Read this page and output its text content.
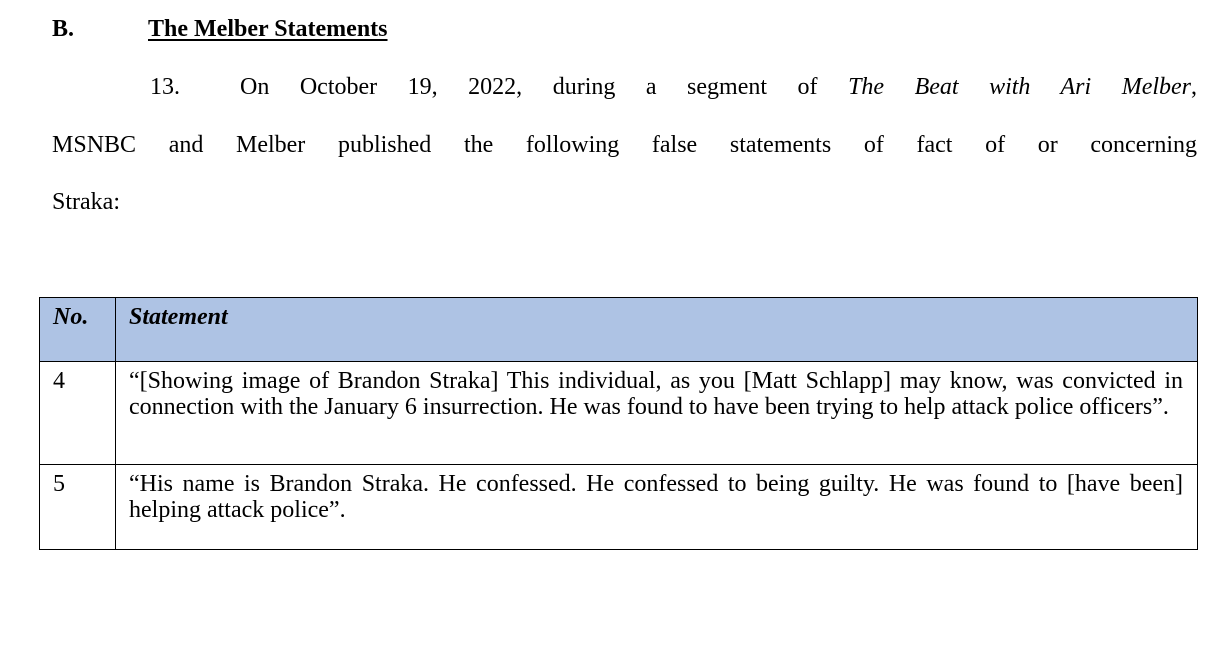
B.	The Melber Statements
13.	On October 19, 2022, during a segment of The Beat with Ari Melber,
MSNBC and Melber published the following false statements of fact of or concerning
Straka:
No.	Statement
4	“[Showing image of Brandon Straka] This individual, as you [Matt Schlapp] may know, was convicted in connection with the January 6 insurrection. He was found to have been trying to help attack police officers”.
5	“His name is Brandon Straka. He confessed. He confessed to being guilty. He was found to [have been] helping attack police”.
